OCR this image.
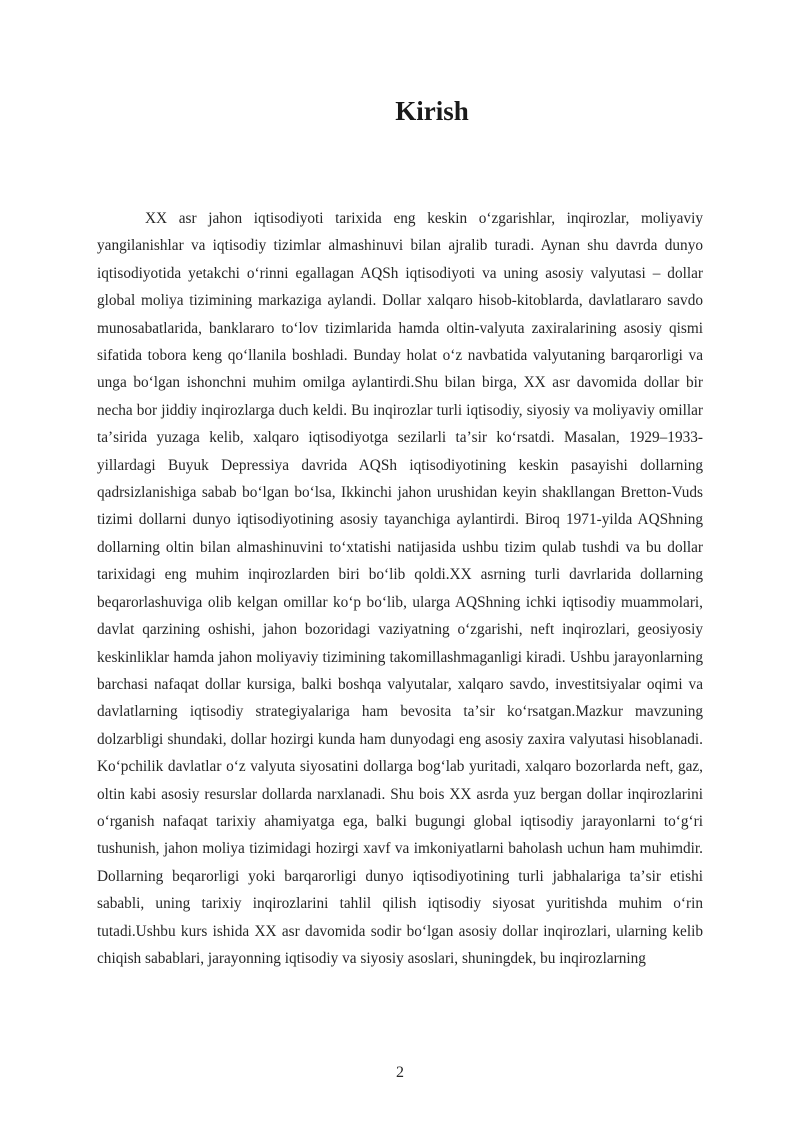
Kirish

XX asr jahon iqtisodiyoti tarixida eng keskin oʻzgarishlar, inqirozlar, moliyaviy yangilanishlar va iqtisodiy tizimlar almashinuvi bilan ajralib turadi. Aynan shu davrda dunyo iqtisodiyotida yetakchi oʻrinni egallagan AQSh iqtisodiyoti va uning asosiy valyutasi – dollar global moliya tizimining markaziga aylandi. Dollar xalqaro hisob-kitoblarda, davlatlararo savdo munosabatlarida, banklararo toʻlov tizimlarida hamda oltin-valyuta zaxiralarining asosiy qismi sifatida tobora keng qoʻllanila boshladi. Bunday holat oʻz navbatida valyutaning barqarorligi va unga boʻlgan ishonchni muhim omilga aylantirdi.Shu bilan birga, XX asr davomida dollar bir necha bor jiddiy inqirozlarga duch keldi. Bu inqirozlar turli iqtisodiy, siyosiy va moliyaviy omillar taʼsirida yuzaga kelib, xalqaro iqtisodiyotga sezilarli taʼsir koʻrsatdi. Masalan, 1929–1933-yillardagi Buyuk Depressiya davrida AQSh iqtisodiyotining keskin pasayishi dollarning qadrsizlanishiga sabab boʻlgan boʻlsa, Ikkinchi jahon urushidan keyin shakllangan Bretton-Vuds tizimi dollarni dunyo iqtisodiyotining asosiy tayanchiga aylantirdi. Biroq 1971-yilda AQShning dollarning oltin bilan almashinuvini toʻxtatishi natijasida ushbu tizim qulab tushdi va bu dollar tarixidagi eng muhim inqirozlarden biri boʻlib qoldi.XX asrning turli davrlarida dollarning beqarorlashuviga olib kelgan omillar koʻp boʻlib, ularga AQShning ichki iqtisodiy muammolari, davlat qarzining oshishi, jahon bozoridagi vaziyatning oʻzgarishi, neft inqirozlari, geosiyosiy keskinliklar hamda jahon moliyaviy tizimining takomillashmaganligi kiradi. Ushbu jarayonlarning barchasi nafaqat dollar kursiga, balki boshqa valyutalar, xalqaro savdo, investitsiyalar oqimi va davlatlarning iqtisodiy strategiyalariga ham bevosita taʼsir koʻrsatgan.Mazkur mavzuning dolzarbligi shundaki, dollar hozirgi kunda ham dunyodagi eng asosiy zaxira valyutasi hisoblanadi. Koʻpchilik davlatlar oʻz valyuta siyosatini dollarga bogʻlab yuritadi, xalqaro bozorlarda neft, gaz, oltin kabi asosiy resurslar dollarda narxlanadi. Shu bois XX asrda yuz bergan dollar inqirozlarini oʻrganish nafaqat tarixiy ahamiyatga ega, balki bugungi global iqtisodiy jarayonlarni toʻgʻri tushunish, jahon moliya tizimidagi hozirgi xavf va imkoniyatlarni baholash uchun ham muhimdir. Dollarning beqarorligi yoki barqarorligi dunyo iqtisodiyotining turli jabhalariga taʼsir etishi sababli, uning tarixiy inqirozlarini tahlil qilish iqtisodiy siyosat yuritishda muhim oʻrin tutadi.Ushbu kurs ishida XX asr davomida sodir boʻlgan asosiy dollar inqirozlari, ularning kelib chiqish sabablari, jarayonning iqtisodiy va siyosiy asoslari, shuningdek, bu inqirozlarning

2
